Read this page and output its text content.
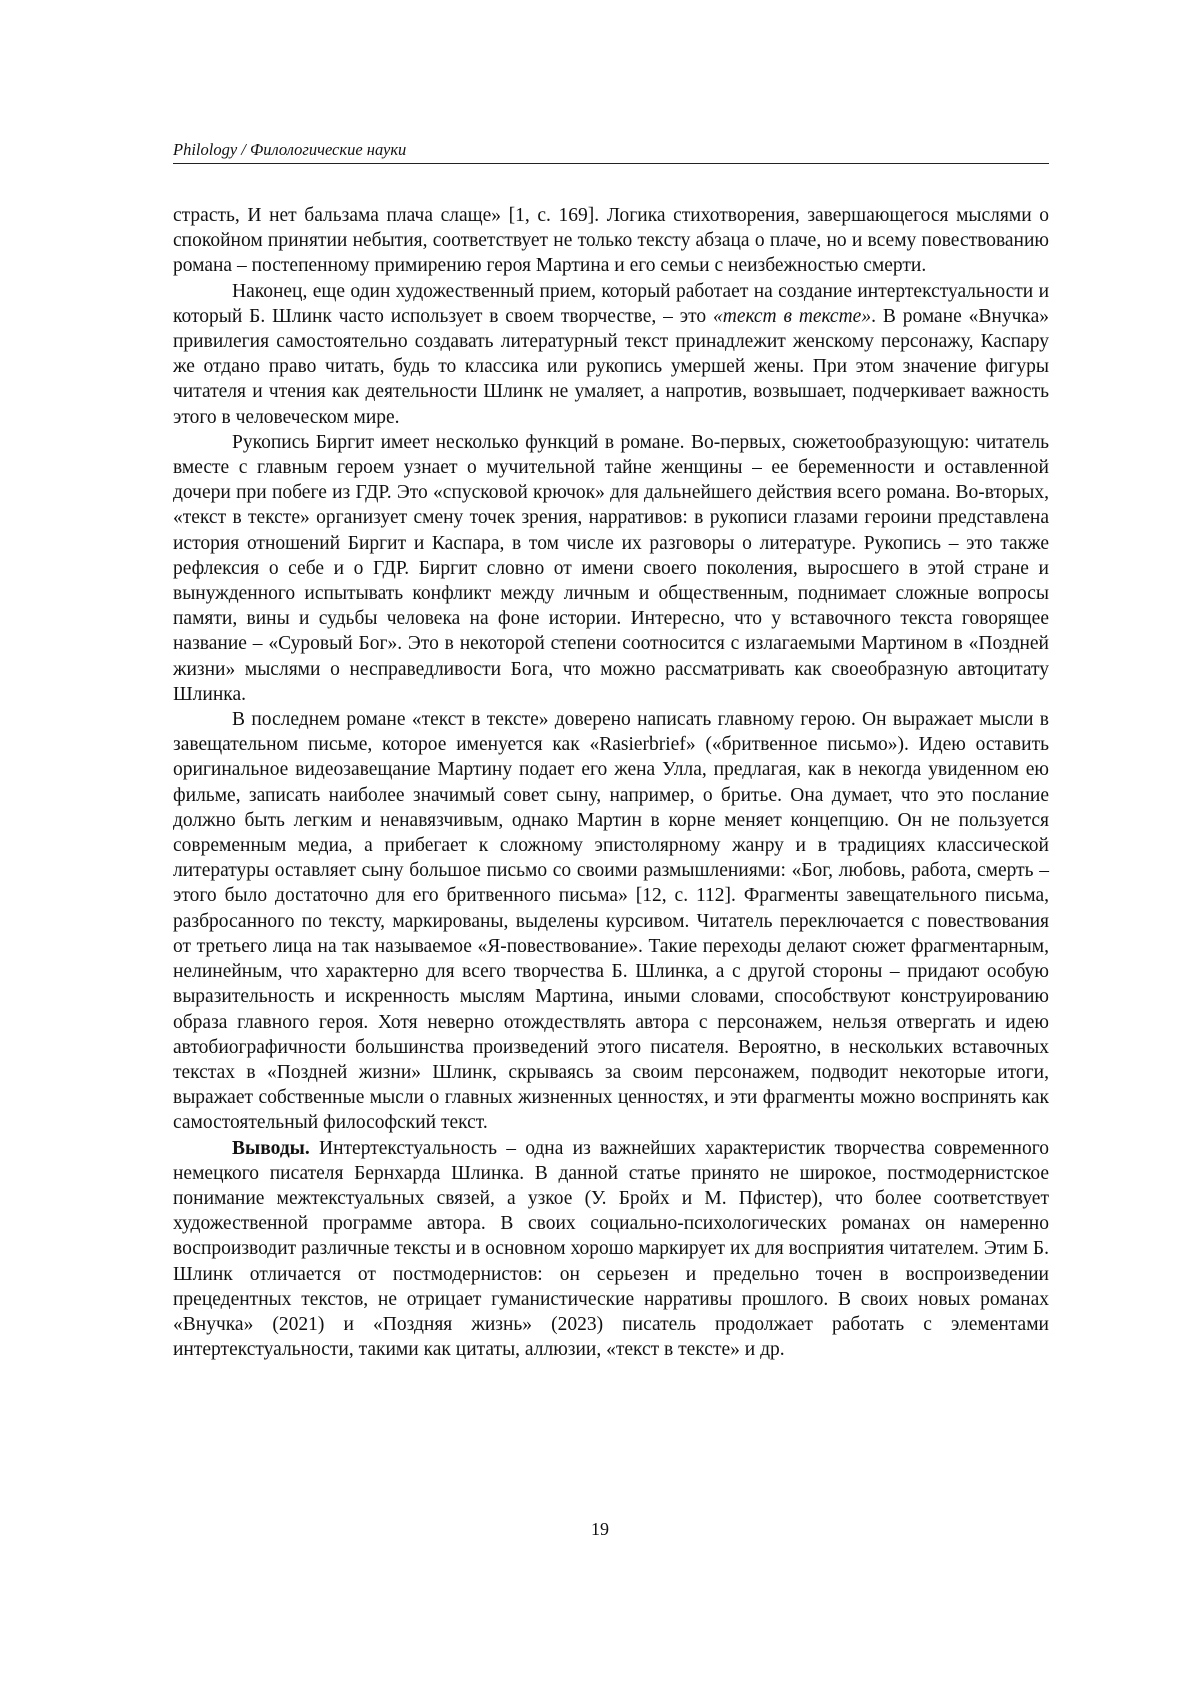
Philology / Филологические науки

страсть, И нет бальзама плача слаще» [1, с. 169]. Логика стихотворения, завершающегося мыслями о спокойном принятии небытия, соответствует не только тексту абзаца о плаче, но и всему повествованию романа – постепенному примирению героя Мартина и его семьи с неизбежностью смерти.

Наконец, еще один художественный прием, который работает на создание интертекстуальности и который Б. Шлинк часто использует в своем творчестве, – это «текст в тексте». В романе «Внучка» привилегия самостоятельно создавать литературный текст принадлежит женскому персонажу, Каспару же отдано право читать, будь то классика или рукопись умершей жены. При этом значение фигуры читателя и чтения как деятельности Шлинк не умаляет, а напротив, возвышает, подчеркивает важность этого в человеческом мире.

Рукопись Биргит имеет несколько функций в романе. Во-первых, сюжетообразующую: читатель вместе с главным героем узнает о мучительной тайне женщины – ее беременности и оставленной дочери при побеге из ГДР. Это «спусковой крючок» для дальнейшего действия всего романа. Во-вторых, «текст в тексте» организует смену точек зрения, нарративов: в рукописи глазами героини представлена история отношений Биргит и Каспара, в том числе их разговоры о литературе. Рукопись – это также рефлексия о себе и о ГДР. Биргит словно от имени своего поколения, выросшего в этой стране и вынужденного испытывать конфликт между личным и общественным, поднимает сложные вопросы памяти, вины и судьбы человека на фоне истории. Интересно, что у вставочного текста говорящее название – «Суровый Бог». Это в некоторой степени соотносится с излагаемыми Мартином в «Поздней жизни» мыслями о несправедливости Бога, что можно рассматривать как своеобразную автоцитату Шлинка.

В последнем романе «текст в тексте» доверено написать главному герою. Он выражает мысли в завещательном письме, которое именуется как «Rasierbrief» («бритвенное письмо»). Идею оставить оригинальное видеозавещание Мартину подает его жена Улла, предлагая, как в некогда увиденном ею фильме, записать наиболее значимый совет сыну, например, о бритье. Она думает, что это послание должно быть легким и ненавязчивым, однако Мартин в корне меняет концепцию. Он не пользуется современным медиа, а прибегает к сложному эпистолярному жанру и в традициях классической литературы оставляет сыну большое письмо со своими размышлениями: «Бог, любовь, работа, смерть – этого было достаточно для его бритвенного письма» [12, с. 112]. Фрагменты завещательного письма, разбросанного по тексту, маркированы, выделены курсивом. Читатель переключается с повествования от третьего лица на так называемое «Я-повествование». Такие переходы делают сюжет фрагментарным, нелинейным, что характерно для всего творчества Б. Шлинка, а с другой стороны – придают особую выразительность и искренность мыслям Мартина, иными словами, способствуют конструированию образа главного героя. Хотя неверно отождествлять автора с персонажем, нельзя отвергать и идею автобиографичности большинства произведений этого писателя. Вероятно, в нескольких вставочных текстах в «Поздней жизни» Шлинк, скрываясь за своим персонажем, подводит некоторые итоги, выражает собственные мысли о главных жизненных ценностях, и эти фрагменты можно воспринять как самостоятельный философский текст.

Выводы. Интертекстуальность – одна из важнейших характеристик творчества современного немецкого писателя Бернхарда Шлинка. В данной статье принято не широкое, постмодернистское понимание межтекстуальных связей, а узкое (У. Бройх и М. Пфистер), что более соответствует художественной программе автора. В своих социально-психологических романах он намеренно воспроизводит различные тексты и в основном хорошо маркирует их для восприятия читателем. Этим Б. Шлинк отличается от постмодернистов: он серьезен и предельно точен в воспроизведении прецедентных текстов, не отрицает гуманистические нарративы прошлого. В своих новых романах «Внучка» (2021) и «Поздняя жизнь» (2023) писатель продолжает работать с элементами интертекстуальности, такими как цитаты, аллюзии, «текст в тексте» и др.

19
